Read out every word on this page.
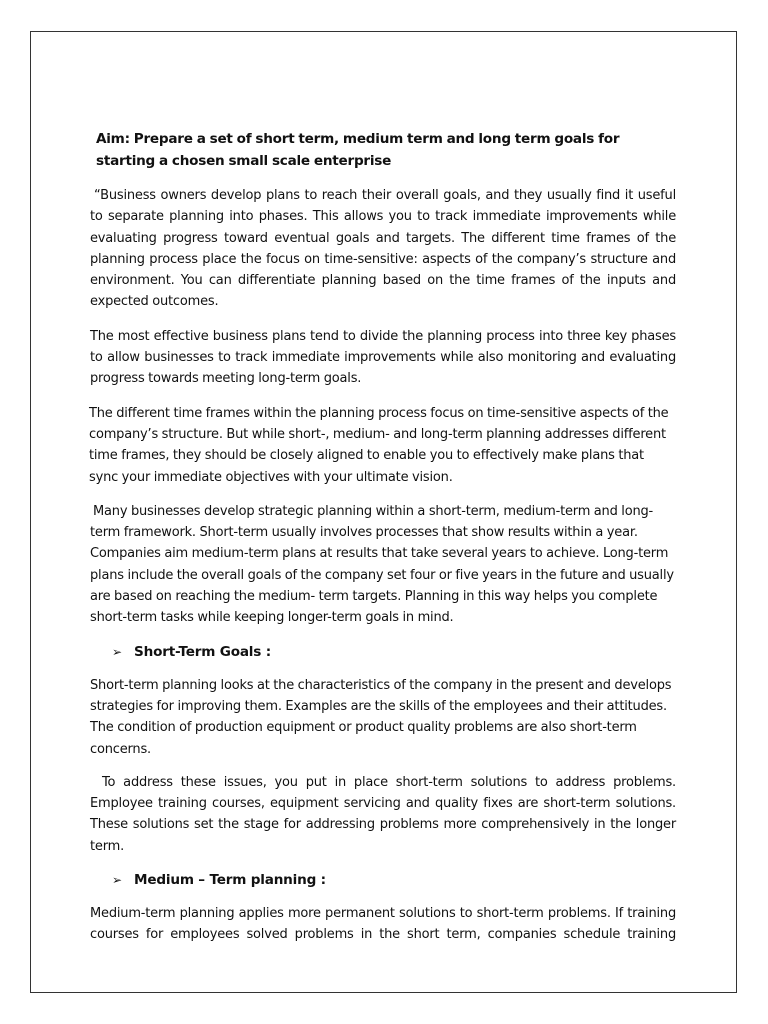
Aim: Prepare a set of short term, medium term and long term goals for starting a chosen small scale enterprise

“Business owners develop plans to reach their overall goals, and they usually find it useful to separate planning into phases. This allows you to track immediate improvements while evaluating progress toward eventual goals and targets. The different time frames of the planning process place the focus on time-sensitive: aspects of the company’s structure and environment. You can differentiate planning based on the time frames of the inputs and expected outcomes.

The most effective business plans tend to divide the planning process into three key phases to allow businesses to track immediate improvements while also monitoring and evaluating progress towards meeting long-term goals.

The different time frames within the planning process focus on time-sensitive aspects of the company’s structure. But while short-, medium- and long-term planning addresses different time frames, they should be closely aligned to enable you to effectively make plans that sync your immediate objectives with your ultimate vision.

Many businesses develop strategic planning within a short-term, medium-term and long-term framework. Short-term usually involves processes that show results within a year. Companies aim medium-term plans at results that take several years to achieve. Long-term plans include the overall goals of the company set four or five years in the future and usually are based on reaching the medium- term targets. Planning in this way helps you complete short-term tasks while keeping longer-term goals in mind.

➢ Short-Term Goals :

Short-term planning looks at the characteristics of the company in the present and develops strategies for improving them. Examples are the skills of the employees and their attitudes. The condition of production equipment or product quality problems are also short-term concerns.

To address these issues, you put in place short-term solutions to address problems. Employee training courses, equipment servicing and quality fixes are short-term solutions. These solutions set the stage for addressing problems more comprehensively in the longer term.

➢ Medium – Term planning :

Medium-term planning applies more permanent solutions to short-term problems. If training courses for employees solved problems in the short term, companies schedule training
